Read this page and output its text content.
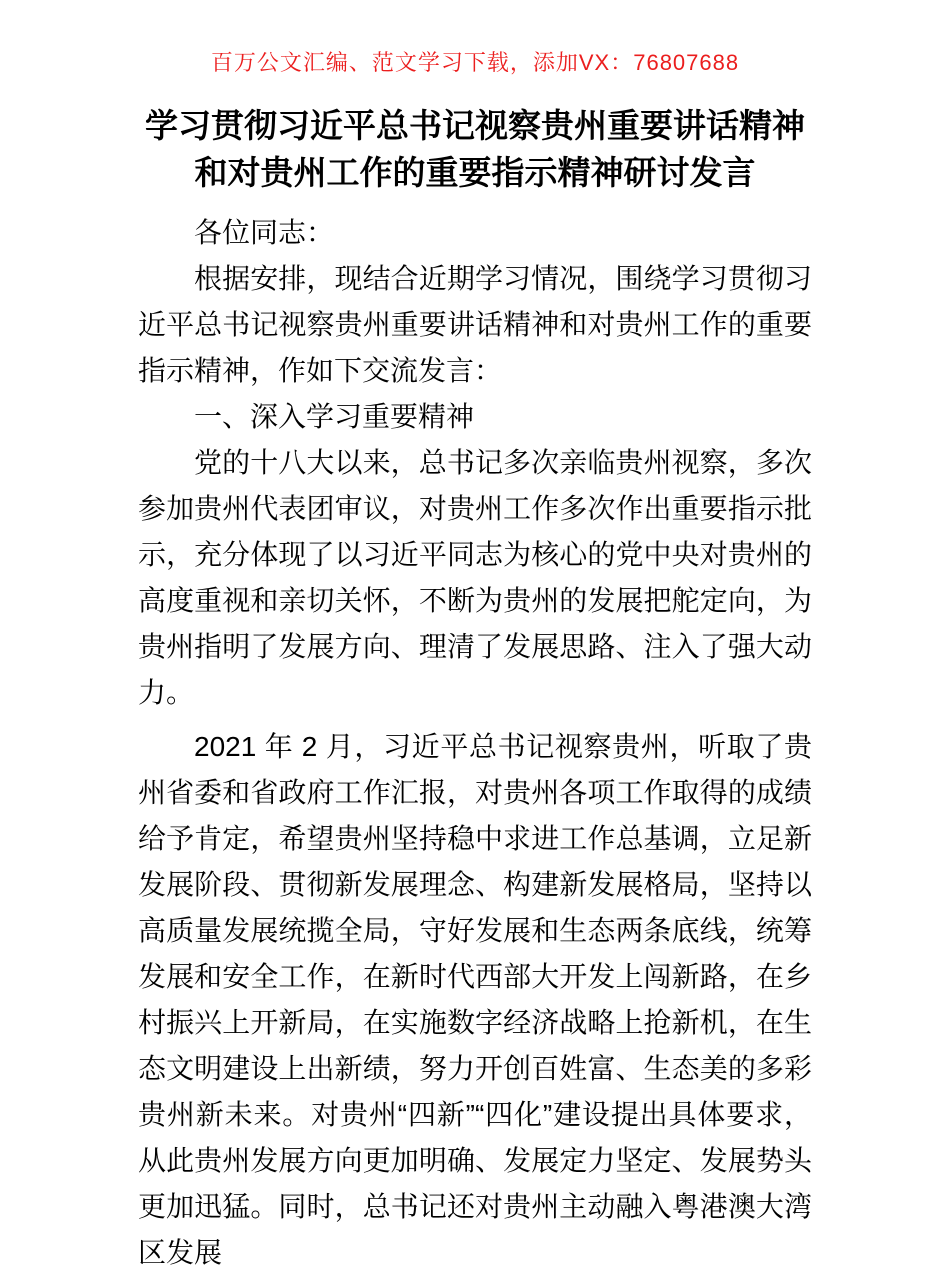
百万公文汇编、范文学习下载，添加VX：76807688
学习贯彻习近平总书记视察贵州重要讲话精神
和对贵州工作的重要指示精神研讨发言

各位同志：

根据安排，现结合近期学习情况，围绕学习贯彻习近平总书记视察贵州重要讲话精神和对贵州工作的重要指示精神，作如下交流发言：

一、深入学习重要精神

党的十八大以来，总书记多次亲临贵州视察，多次参加贵州代表团审议，对贵州工作多次作出重要指示批示，充分体现了以习近平同志为核心的党中央对贵州的高度重视和亲切关怀，不断为贵州的发展把舵定向，为贵州指明了发展方向、理清了发展思路、注入了强大动力。

2021 年 2 月，习近平总书记视察贵州，听取了贵州省委和省政府工作汇报，对贵州各项工作取得的成绩给予肯定，希望贵州坚持稳中求进工作总基调，立足新发展阶段、贯彻新发展理念、构建新发展格局，坚持以高质量发展统揽全局，守好发展和生态两条底线，统筹发展和安全工作，在新时代西部大开发上闯新路，在乡村振兴上开新局，在实施数字经济战略上抢新机，在生态文明建设上出新绩，努力开创百姓富、生态美的多彩贵州新未来。对贵州“四新”“四化”建设提出具体要求，从此贵州发展方向更加明确、发展定力坚定、发展势头更加迅猛。同时，总书记还对贵州主动融入粤港澳大湾区发展
